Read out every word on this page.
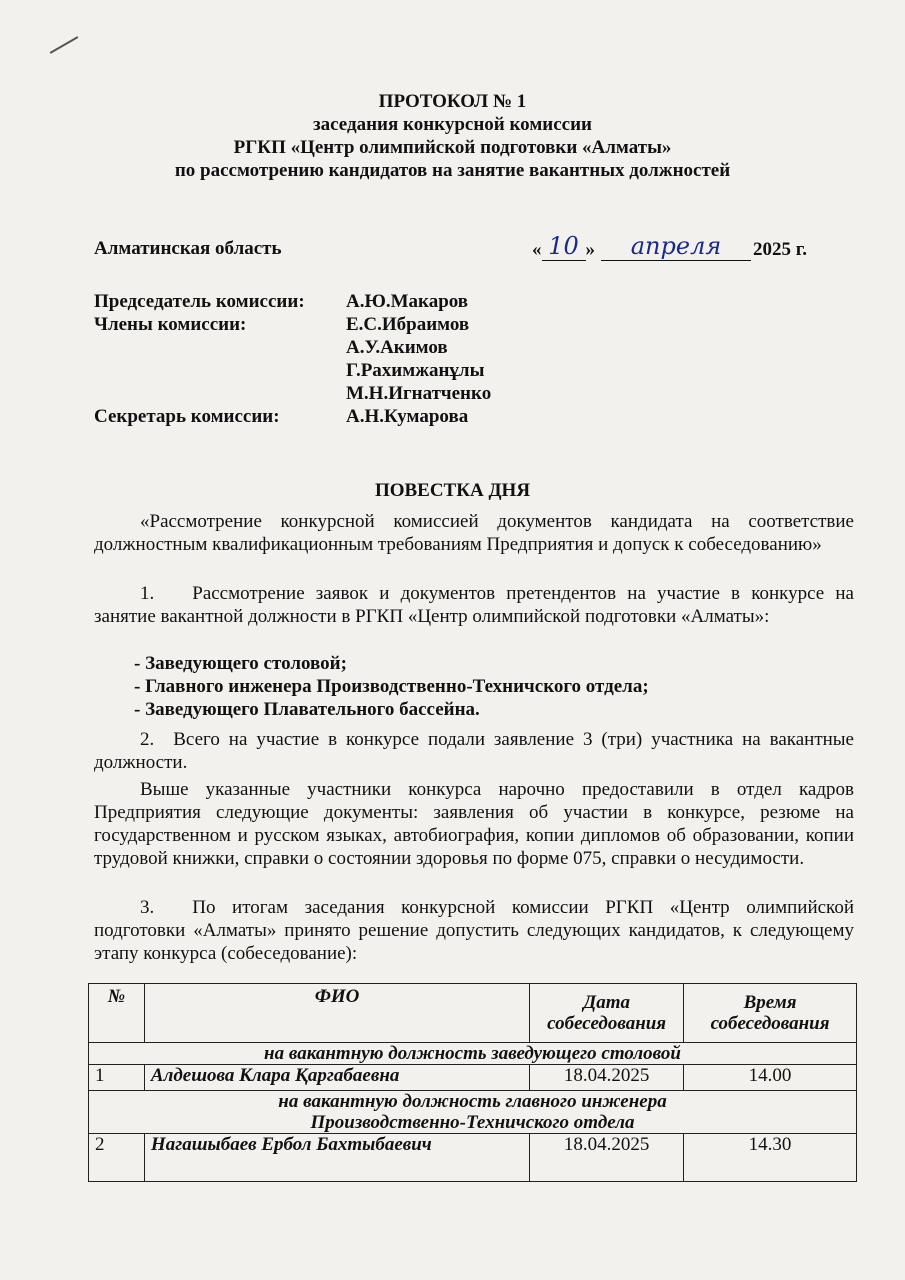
ПРОТОКОЛ № 1
заседания конкурсной комиссии
РГКП «Центр олимпийской подготовки «Алматы»
по рассмотрению кандидатов на занятие вакантных должностей
Алматинская область	« 10 »	апреля	2025 г.
Председатель комиссии:	А.Ю.Макаров
Члены комиссии:	Е.С.Ибраимов
А.У.Акимов
Г.Рахимжанұлы
М.Н.Игнатченко
Секретарь комиссии:	А.Н.Кумарова
ПОВЕСТКА ДНЯ
«Рассмотрение конкурсной комиссией документов кандидата на соответствие должностным квалификационным требованиям Предприятия и допуск к собеседованию»
1.  Рассмотрение заявок и документов претендентов на участие в конкурсе на занятие вакантной должности в РГКП «Центр олимпийской подготовки «Алматы»:
- Заведующего столовой;
- Главного инженера Производственно-Техничского отдела;
- Заведующего Плавательного бассейна.
2. Всего на участие в конкурсе подали заявление 3 (три) участника на вакантные должности.
Выше указанные участники конкурса нарочно предоставили в отдел кадров Предприятия следующие документы: заявления об участии в конкурсе, резюме на государственном и русском языках, автобиография, копии дипломов об образовании, копии трудовой книжки, справки о состоянии здоровья по форме 075, справки о несудимости.
3.  По итогам заседания конкурсной комиссии РГКП «Центр олимпийской подготовки «Алматы» принято решение допустить следующих кандидатов, к следующему этапу конкурса (собеседование):
№	ФИО	Дата собеседования	Время собеседования
на вакантную должность заведующего столовой			
1	Алдешова Клара Қаргабаевна	18.04.2025	14.00
на вакантную должность главного инженера Производственно-Техничского отдела			
2	Нагашыбаев Ербол Бахтыбаевич	18.04.2025	14.30
